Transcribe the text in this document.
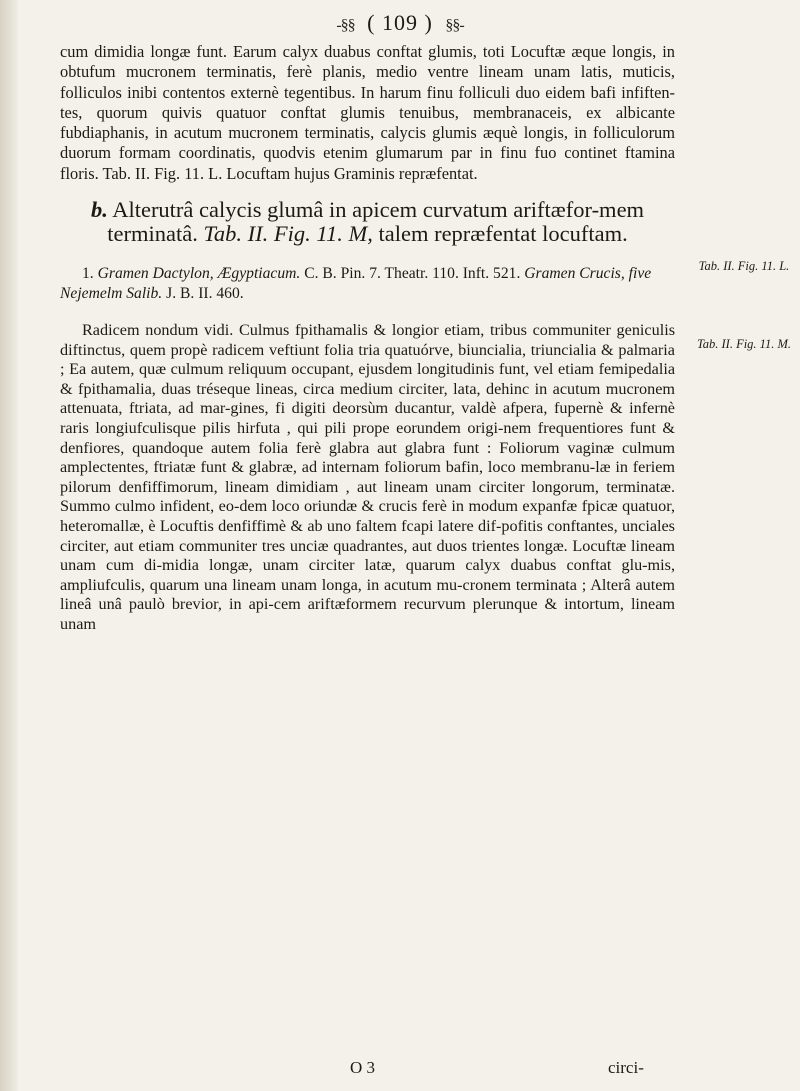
-§§ ( 109 ) §§-

cum dimidia longæ funt. Earum calyx duabus conftat glumis, toti Locuftæ æque longis, in obtufum mucronem terminatis, ferè planis, medio ventre lineam unam latis, muticis, folliculos inibi contentos externè tegentibus. In harum finu folliculi duo eidem bafi infiften-tes, quorum quivis quatuor conftat glumis tenuibus, membranaceis, ex albicante fubdiaphanis, in acutum mucronem terminatis, calycis glumis æquè longis, in folliculorum duorum formam coordinatis, quodvis etenim glumarum par in finu fuo continet ftamina floris. Tab. II. Fig. 11. L. Locuftam hujus Graminis repræfentat.

b. Alterutrâ calycis glumâ in apicem curvatum ariftæfor-mem terminatâ. Tab. II. Fig. 11. M, talem repræfentat locuftam.

1. Gramen Dactylon, Ægyptiacum. C. B. Pin. 7. Theatr. 110. Inft. 521. Gramen Crucis, five Nejemelm Salib. J. B. II. 460.

Radicem nondum vidi. Culmus fpithamalis & longior etiam, tribus communiter geniculis diftinctus, quem propè radicem veftiunt folia tria quatuórve, biuncialia, triuncialia & palmaria ; Ea autem, quæ culmum reliquum occupant, ejusdem longitudinis funt, vel etiam femipedalia & fpithamalia, duas tréseque lineas, circa medium circiter, lata, dehinc in acutum mucronem attenuata, ftriata, ad mar-gines, fi digiti deorsùm ducantur, valdè afpera, fupernè & infernè raris longiufculisque pilis hirfuta , qui pili prope eorundem origi-nem frequentiores funt & denfiores, quandoque autem folia ferè glabra aut glabra funt : Foliorum vaginæ culmum amplectentes, ftriatæ funt & glabræ, ad internam foliorum bafin, loco membranu-læ in feriem pilorum denfiffimorum, lineam dimidiam , aut lineam unam circiter longorum, terminatæ. Summo culmo infident, eo-dem loco oriundæ & crucis ferè in modum expanfæ fpicæ quatuor, heteromallæ, è Locuftis denfiffimè & ab uno faltem fcapi latere dif-pofitis conftantes, unciales circiter, aut etiam communiter tres unciæ quadrantes, aut duos trientes longæ. Locuftæ lineam unam cum di-midia longæ, unam circiter latæ, quarum calyx duabus conftat glu-mis, ampliufculis, quarum una lineam unam longa, in acutum mu-cronem terminata ; Alterâ autem lineâ unâ paulò brevior, in api-cem ariftæformem recurvum plerunque & intortum, lineam unam

Tab. II. Fig. 11. L.
Tab. II. Fig. 11. M.
O 3	circi-
